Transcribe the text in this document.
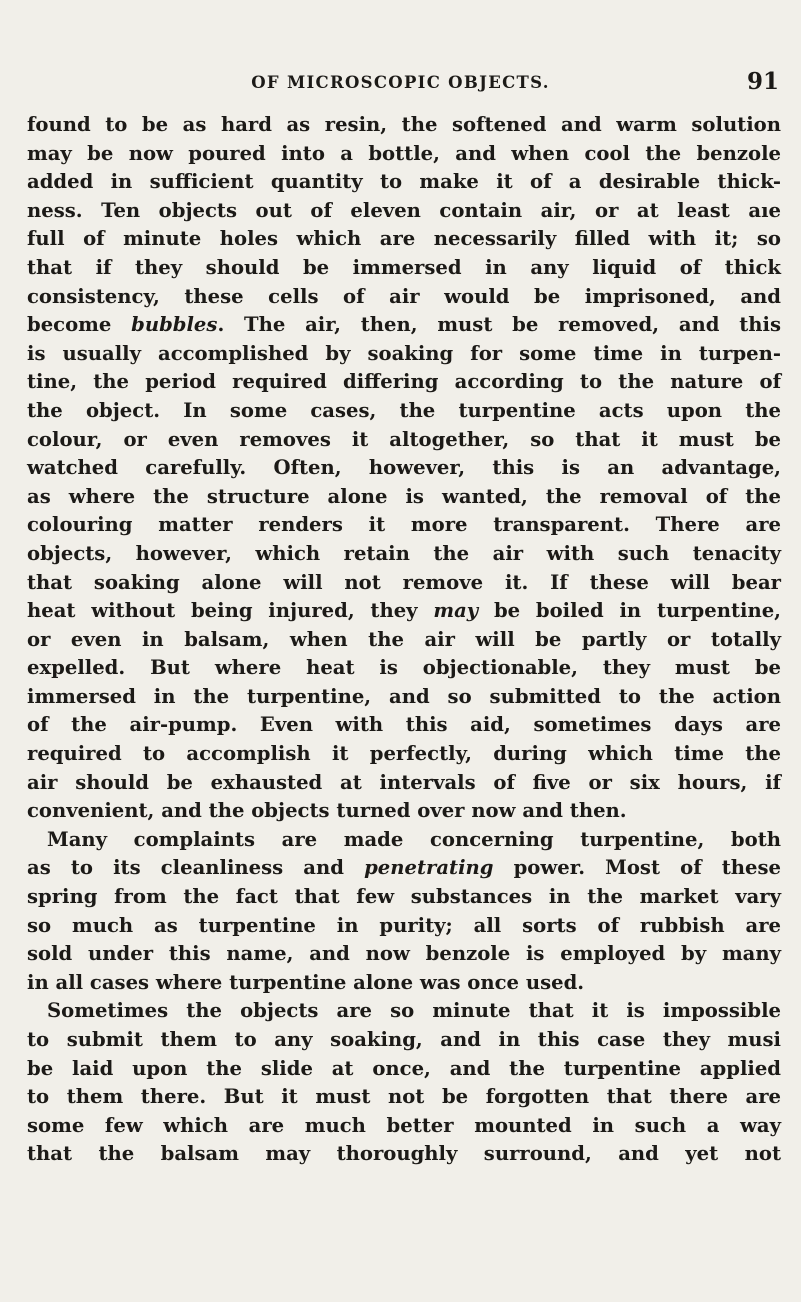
OF MICROSCOPIC OBJECTS.	91
found to be as hard as resin, the softened and warm solution
may be now poured into a bottle, and when cool the benzole
added in sufficient quantity to make it of a desirable thick-
ness. Ten objects out of eleven contain air, or at least aıe
full of minute holes which are necessarily filled with it; so
that if they should be immersed in any liquid of thick
consistency, these cells of air would be imprisoned, and
become bubbles. The air, then, must be removed, and this
is usually accomplished by soaking for some time in turpen-
tine, the period required differing according to the nature of
the object. In some cases, the turpentine acts upon the
colour, or even removes it altogether, so that it must be
watched carefully. Often, however, this is an advantage,
as where the structure alone is wanted, the removal of the
colouring matter renders it more transparent. There are
objects, however, which retain the air with such tenacity
that soaking alone will not remove it. If these will bear
heat without being injured, they may be boiled in turpentine,
or even in balsam, when the air will be partly or totally
expelled. But where heat is objectionable, they must be
immersed in the turpentine, and so submitted to the action
of the air-pump. Even with this aid, sometimes days are
required to accomplish it perfectly, during which time the
air should be exhausted at intervals of five or six hours, if
convenient, and the objects turned over now and then.
Many complaints are made concerning turpentine, both
as to its cleanliness and penetrating power. Most of these
spring from the fact that few substances in the market vary
so much as turpentine in purity; all sorts of rubbish are
sold under this name, and now benzole is employed by many
in all cases where turpentine alone was once used.
Sometimes the objects are so minute that it is impossible
to submit them to any soaking, and in this case they musi
be laid upon the slide at once, and the turpentine applied
to them there. But it must not be forgotten that there are
some few which are much better mounted in such a way
that the balsam may thoroughly surround, and yet not
